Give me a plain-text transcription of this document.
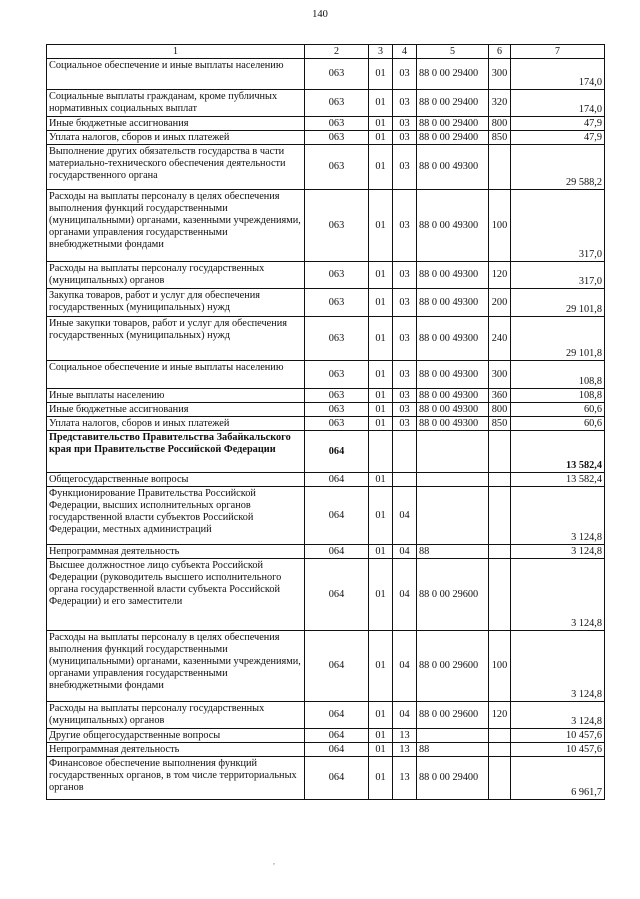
140
1	2	3	4	5	6	7
Социальное обеспечение и иные выплаты населению	063	01	03	88 0 00 29400	300	174,0
Социальные выплаты гражданам, кроме публичных нормативных социальных выплат	063	01	03	88 0 00 29400	320	174,0
Иные бюджетные ассигнования	063	01	03	88 0 00 29400	800	47,9
Уплата налогов, сборов и иных платежей	063	01	03	88 0 00 29400	850	47,9
Выполнение других обязательств государства в части материально-технического обеспечения деятельности государственного органа	063	01	03	88 0 00 49300		29 588,2
Расходы на выплаты персоналу в целях обеспечения выполнения функций государственными (муниципальными) органами, казенными учреждениями, органами управления государственными внебюджетными фондами	063	01	03	88 0 00 49300	100	317,0
Расходы на выплаты персоналу государственных (муниципальных) органов	063	01	03	88 0 00 49300	120	317,0
Закупка товаров, работ и услуг для обеспечения государственных (муниципальных) нужд	063	01	03	88 0 00 49300	200	29 101,8
Иные закупки товаров, работ и услуг для обеспечения государственных (муниципальных) нужд	063	01	03	88 0 00 49300	240	29 101,8
Социальное обеспечение и иные выплаты населению	063	01	03	88 0 00 49300	300	108,8
Иные выплаты населению	063	01	03	88 0 00 49300	360	108,8
Иные бюджетные ассигнования	063	01	03	88 0 00 49300	800	60,6
Уплата налогов, сборов и иных платежей	063	01	03	88 0 00 49300	850	60,6
Представительство Правительства Забайкальского края при Правительстве Российской Федерации	064					13 582,4
Общегосударственные вопросы	064	01				13 582,4
Функционирование Правительства Российской Федерации, высших исполнительных органов государственной власти субъектов Российской Федерации, местных администраций	064	01	04			3 124,8
Непрограммная деятельность	064	01	04	88		3 124,8
Высшее должностное лицо субъекта Российской Федерации (руководитель высшего исполнительного органа государственной власти субъекта Российской Федерации) и его заместители	064	01	04	88 0 00 29600		3 124,8
Расходы на выплаты персоналу в целях обеспечения выполнения функций государственными (муниципальными) органами, казенными учреждениями, органами управления государственными внебюджетными фондами	064	01	04	88 0 00 29600	100	3 124,8
Расходы на выплаты персоналу государственных (муниципальных) органов	064	01	04	88 0 00 29600	120	3 124,8
Другие общегосударственные вопросы	064	01	13			10 457,6
Непрограммная деятельность	064	01	13	88		10 457,6
Финансовое обеспечение выполнения функций государственных органов, в том числе территориальных органов	064	01	13	88 0 00 29400		6 961,7
,
